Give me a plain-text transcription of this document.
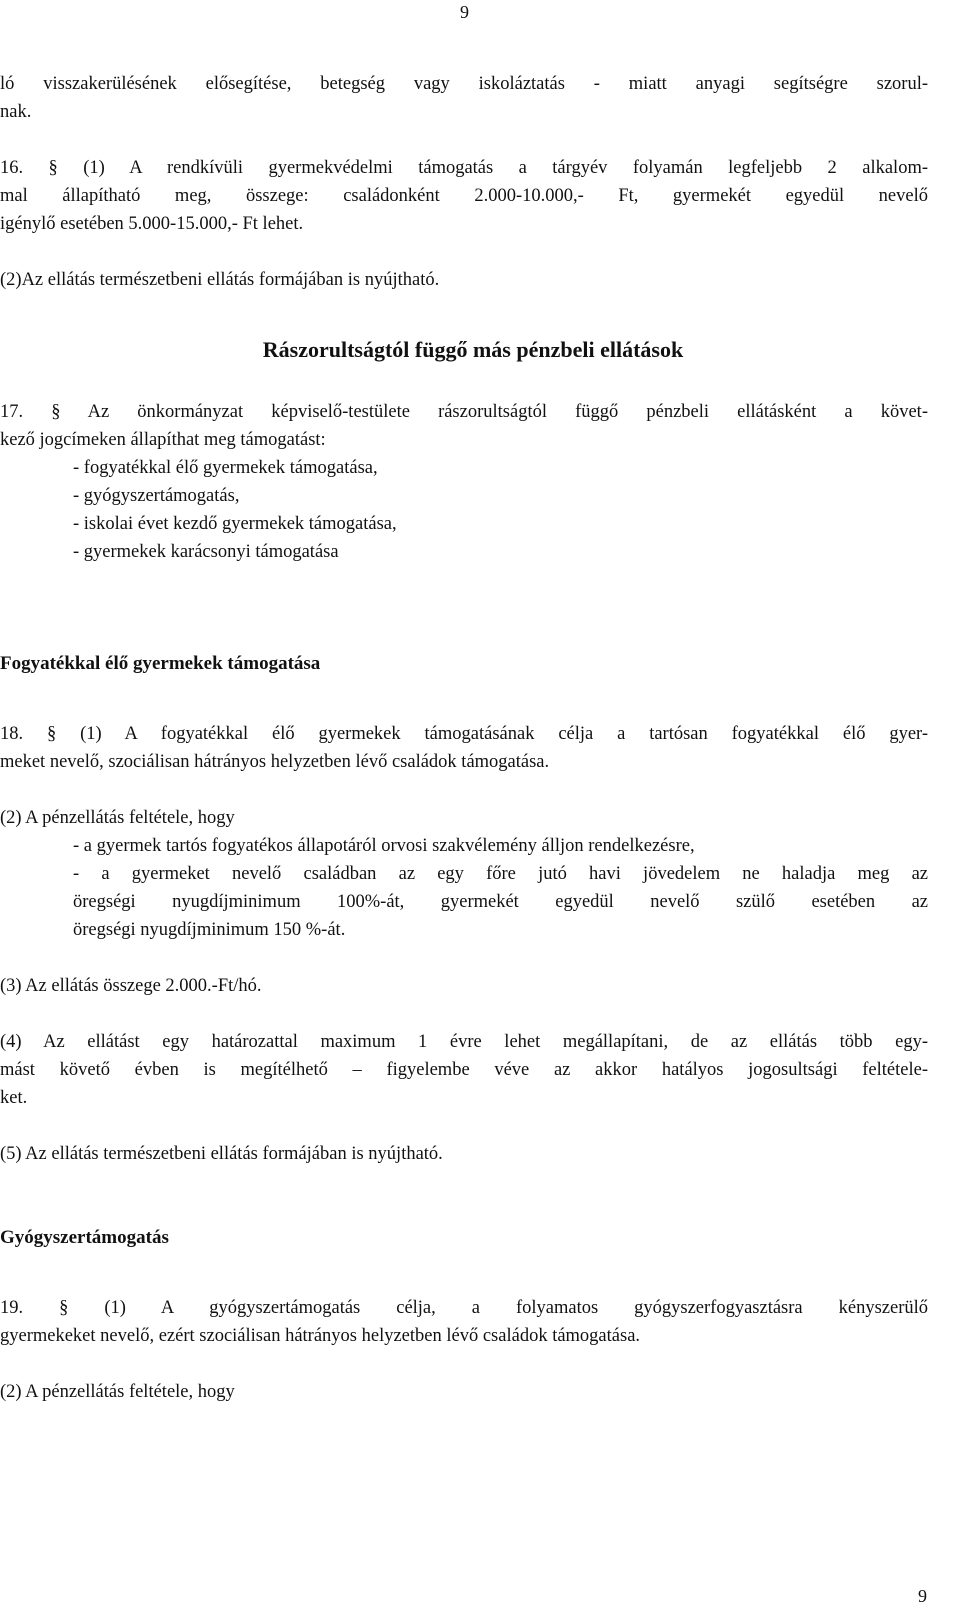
9
ló visszakerülésének elősegítése, betegség vagy iskoláztatás - miatt anyagi segítségre szorul-
nak.
16. § (1) A rendkívüli gyermekvédelmi támogatás a tárgyév folyamán legfeljebb 2 alkalom-
mal állapítható meg, összege: családonként 2.000-10.000,- Ft, gyermekét egyedül nevelő
igénylő esetében 5.000-15.000,- Ft lehet.
(2)Az ellátás természetbeni ellátás formájában is nyújtható.
Rászorultságtól függő más pénzbeli ellátások
17. § Az önkormányzat képviselő-testülete rászorultságtól függő pénzbeli ellátásként a követ-
kező jogcímeken állapíthat meg támogatást:
- fogyatékkal élő gyermekek támogatása,
- gyógyszertámogatás,
- iskolai évet kezdő gyermekek támogatása,
- gyermekek karácsonyi támogatása
Fogyatékkal élő gyermekek támogatása
18. § (1) A fogyatékkal élő gyermekek támogatásának célja a tartósan fogyatékkal élő gyer-
meket nevelő, szociálisan hátrányos helyzetben lévő családok támogatása.
(2) A pénzellátás feltétele, hogy
- a gyermek tartós fogyatékos állapotáról orvosi szakvélemény álljon rendelkezésre,
- a gyermeket nevelő családban az egy főre jutó havi jövedelem ne haladja meg az
öregségi nyugdíjminimum 100%-át, gyermekét egyedül nevelő szülő esetében az
öregségi nyugdíjminimum 150 %-át.
(3) Az ellátás összege 2.000.-Ft/hó.
(4) Az ellátást egy határozattal maximum 1 évre lehet megállapítani, de az ellátás több egy-
mást követő évben is megítélhető – figyelembe véve az akkor hatályos jogosultsági feltétele-
ket.
(5) Az ellátás természetbeni ellátás formájában is nyújtható.
Gyógyszertámogatás
19. § (1) A gyógyszertámogatás célja, a folyamatos gyógyszerfogyasztásra kényszerülő
gyermekeket nevelő, ezért szociálisan hátrányos helyzetben lévő családok támogatása.
(2) A pénzellátás feltétele, hogy
9
